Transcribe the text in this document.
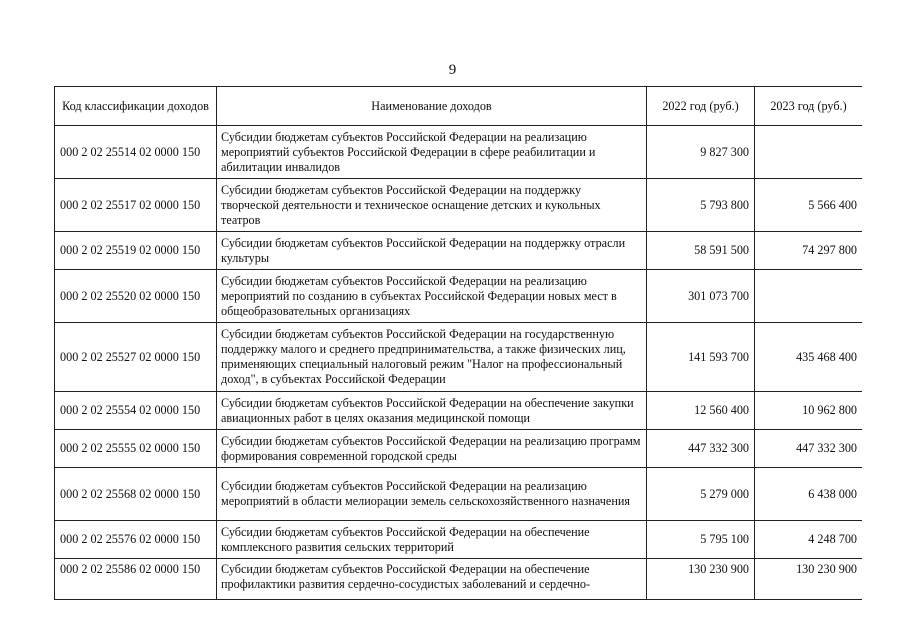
9
Код классификации доходов	Наименование доходов	2022 год (руб.)	2023 год (руб.)
000 2 02 25514 02 0000 150	Субсидии бюджетам субъектов Российской Федерации на реализацию мероприятий субъектов Российской Федерации в сфере реабилитации и абилитации инвалидов	9 827 300	
000 2 02 25517 02 0000 150	Субсидии бюджетам субъектов Российской Федерации на поддержку творческой деятельности и техническое оснащение детских и кукольных театров	5 793 800	5 566 400
000 2 02 25519 02 0000 150	Субсидии бюджетам субъектов Российской Федерации на поддержку отрасли культуры	58 591 500	74 297 800
000 2 02 25520 02 0000 150	Субсидии бюджетам субъектов Российской Федерации на реализацию мероприятий по созданию в субъектах Российской Федерации новых мест в общеобразовательных организациях	301 073 700	
000 2 02 25527 02 0000 150	Субсидии бюджетам субъектов Российской Федерации на государственную поддержку малого и среднего предпринимательства, а также физических лиц, применяющих специальный налоговый режим "Налог на профессиональный доход", в субъектах Российской Федерации	141 593 700	435 468 400
000 2 02 25554 02 0000 150	Субсидии бюджетам субъектов Российской Федерации на обеспечение закупки авиационных работ в целях оказания медицинской помощи	12 560 400	10 962 800
000 2 02 25555 02 0000 150	Субсидии бюджетам субъектов Российской Федерации на реализацию программ формирования современной городской среды	447 332 300	447 332 300
000 2 02 25568 02 0000 150	Субсидии бюджетам субъектов Российской Федерации на реализацию мероприятий в области мелиорации земель сельскохозяйственного назначения	5 279 000	6 438 000
000 2 02 25576 02 0000 150	Субсидии бюджетам субъектов Российской Федерации на обеспечение комплексного развития сельских территорий	5 795 100	4 248 700
000 2 02 25586 02 0000 150	Субсидии бюджетам субъектов Российской Федерации на обеспечение профилактики развития сердечно-сосудистых заболеваний и сердечно-	130 230 900	130 230 900
